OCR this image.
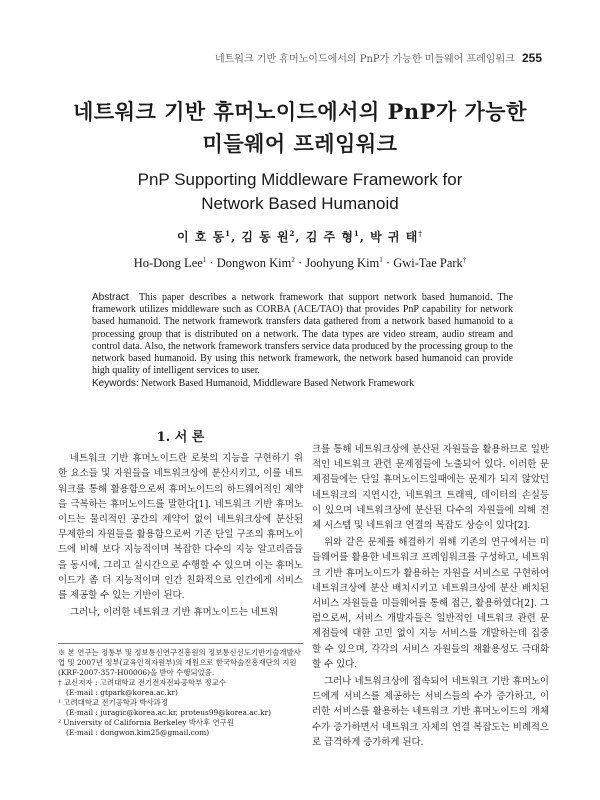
네트워크 기반 휴머노이드에서의 PnP가 가능한 미들웨어 프레임워크 255
네트워크 기반 휴머노이드에서의 PnP가 가능한
미들웨어 프레임워크
PnP Supporting Middleware Framework for
Network Based Humanoid
이 호 동$^1$, 김 동 원$^2$, 김 주 형$^1$, 박 귀 태†
Ho-Dong Lee$^1$ · Dongwon Kim$^2$ · Joohyung Kim$^1$ · Gwi-Tae Park†
Abstract This paper describes a network framework that support network based humanoid. The framework utilizes middleware such as CORBA (ACE/TAO) that provides PnP capability for network based humanoid. The network framework transfers data gathered from a network based humanoid to a processing group that is distributed on a network. The data types are video stream, audio stream and control data. Also, the network framework transfers service data produced by the processing group to the network based humanoid. By using this network framework, the network based humanoid can provide high quality of intelligent services to user.
Keywords: Network Based Humanoid, Middleware Based Network Framework
1. 서 론

네트워크 기반 휴머노이드란 로봇의 지능을 구현하기 위한 요소들 및 자원들을 네트워크상에 분산시키고, 이를 네트워크를 통해 활용함으로써 휴머노이드의 하드웨어적인 제약을 극복하는 휴머노이드를 말한다[1]. 네트워크 기반 휴머노이드는 물리적인 공간의 제약이 없이 네트워크상에 분산된 무제한의 자원들을 활용함으로써 기존 단일 구조의 휴머노이드에 비해 보다 지능적이며 복잡한 다수의 지능 알고리즘들을 동시에, 그리고 실시간으로 수행할 수 있으며 이는 휴머노이드가 좀 더 지능적이며 인간 친화적으로 인간에게 서비스를 제공할 수 있는 기반이 된다.

그러나, 이러한 네트워크 기반 휴머노이드는 네트워

※ 본 연구는 정통부 및 정보통신연구진흥원의 정보통신선도기반기술개발사업 및 2007년 정부(교육인적자원부)의 재원으로 한국학술진흥재단의 지원(KRF-2007-357-H00006)을 받아 수행되었음.
† 교신저자 : 고려대학교 전기전자전파공학부 정교수
(E-mail : gtpark@korea.ac.kr)
¹ 고려대학교 전기공학과 박사과정
(E-mail : juragic@korea.ac.kr, proteus99@korea.ac.kr)
² University of California Berkeley 박사후 연구원
(E-mail : dongwon.kim25@gmail.com)

크를 통해 네트워크상에 분산된 자원들을 활용하므로 일반적인 네트워크 관련 문제점들에 노출되어 있다. 이러한 문제점들에는 단일 휴머노이드일때에는 문제가 되지 않았던 네트워크의 지연시간, 네트워크 트래픽, 데이터의 손실등이 있으며 네트워크상에 분산된 다수의 자원들에 의해 전체 시스템 및 네트워크 연결의 복잡도 상승이 있다[2].

위와 같은 문제를 해결하기 위해 기존의 연구에서는 미들웨어를 활용한 네트워크 프레임워크를 구성하고, 네트워크 기반 휴머노이드가 활용하는 자원을 서비스로 구현하여 네트워크상에 분산 배치시키고 네트워크상에 분산 배치된 서비스 자원들을 미들웨어를 통해 접근, 활용하였다[2]. 그럼으로써, 서비스 개발자들은 일반적인 네트워크 관련 문제점들에 대한 고민 없이 지능 서비스를 개발하는데 집중할 수 있으며, 각각의 서비스 자원들의 재활용성도 극대화 할 수 있다.

그러나 네트워크상에 접속되어 네트워크 기반 휴머노이드에게 서비스를 제공하는 서비스들의 수가 증가하고, 이러한 서비스를 활용하는 네트워크 기반 휴머노이드의 개체 수가 증가하면서 네트워크 자체의 연결 복잡도는 비례적으로 급격하게 증가하게 된다.
